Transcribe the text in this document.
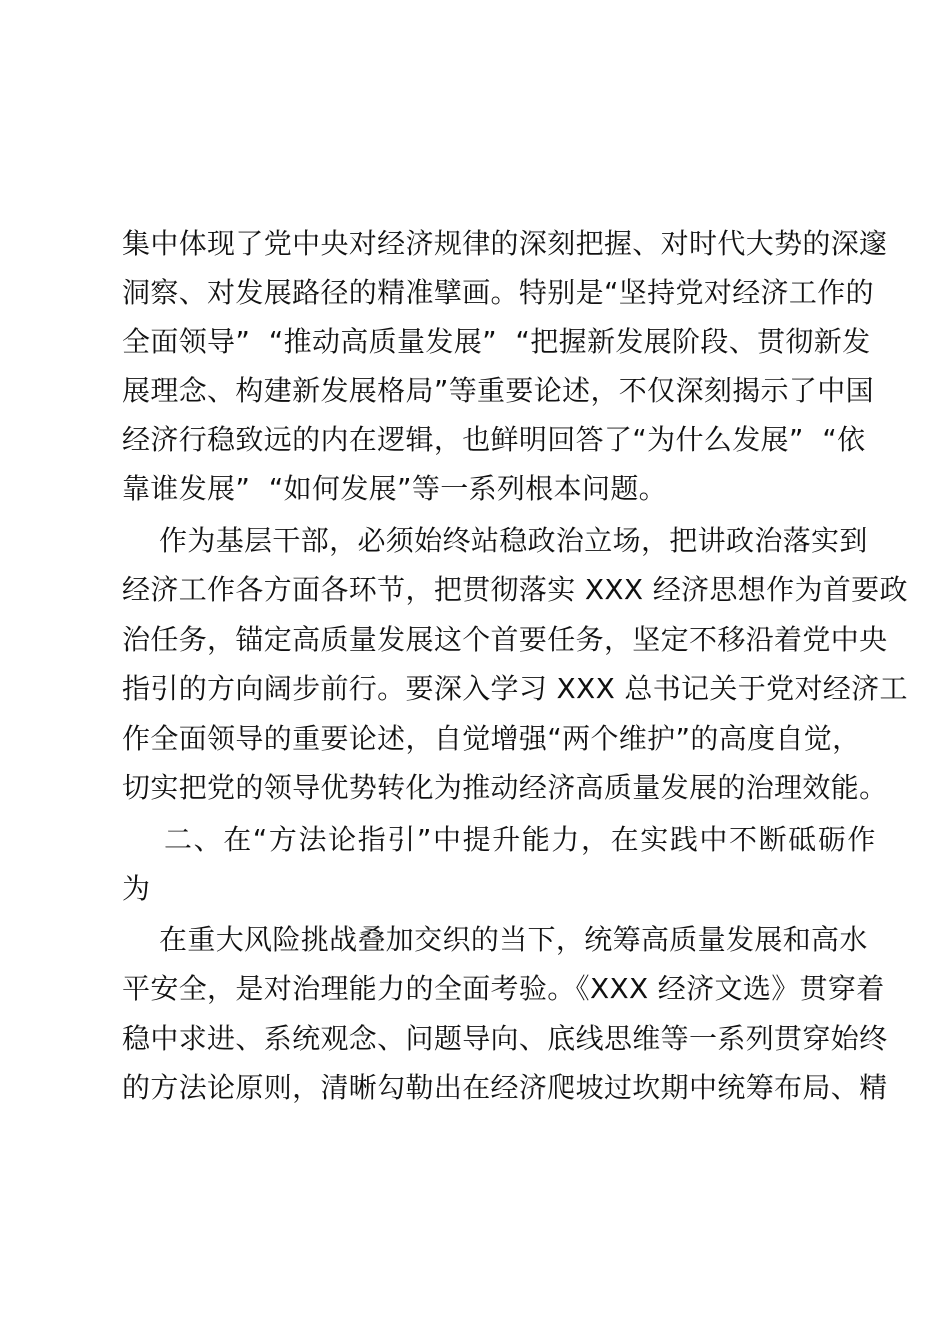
集中体现了党中央对经济规律的深刻把握、对时代大势的深邃
洞察、对发展路径的精准擘画。特别是“坚持党对经济工作的
全面领导”  “推动高质量发展”  “把握新发展阶段、贯彻新发
展理念、构建新发展格局”等重要论述，不仅深刻揭示了中国
经济行稳致远的内在逻辑，也鲜明回答了“为什么发展”  “依
靠谁发展”  “如何发展”等一系列根本问题。
作为基层干部，必须始终站稳政治立场，把讲政治落实到
经济工作各方面各环节，把贯彻落实 XXX 经济思想作为首要政
治任务，锚定高质量发展这个首要任务，坚定不移沿着党中央
指引的方向阔步前行。要深入学习 XXX 总书记关于党对经济工
作全面领导的重要论述，自觉增强“两个维护”的高度自觉，
切实把党的领导优势转化为推动经济高质量发展的治理效能。
二、在“方法论指引”中提升能力，在实践中不断砥砺作
为
在重大风险挑战叠加交织的当下，统筹高质量发展和高水
平安全，是对治理能力的全面考验。《XXX 经济文选》贯穿着
稳中求进、系统观念、问题导向、底线思维等一系列贯穿始终
的方法论原则，清晰勾勒出在经济爬坡过坎期中统筹布局、精
